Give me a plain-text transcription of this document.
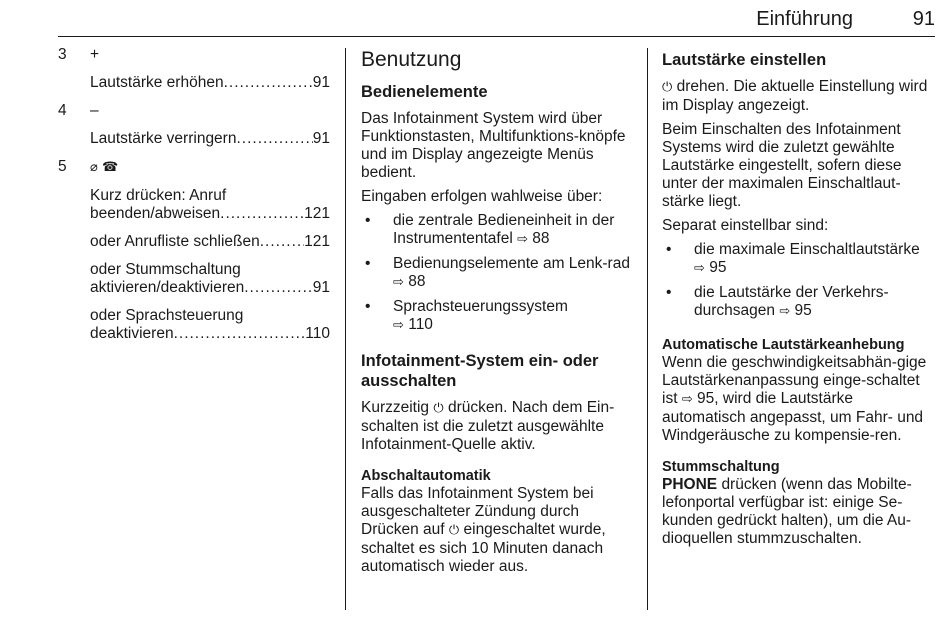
Einführung	91
3 +
Lautstärke erhöhen .....	91
4 –
Lautstärke verringern .....	91
5 ⌀ ☎
Kurz drücken: Anruf
beenden/abweisen .....	121
oder Anrufliste schließen .....	121
oder Stummschaltung
aktivieren/deaktivieren .....	91
oder Sprachsteuerung
deaktivieren .....	110
Benutzung
Bedienelemente

Das Infotainment System wird über Funktionstasten, Multifunktions-knöpfe und im Display angezeigte Menüs bedient.

Eingaben erfolgen wahlweise über:

• die zentrale Bedieneinheit in der Instrumententafel ⇨ 88
• Bedienungselemente am Lenk-rad ⇨ 88
• Sprachsteuerungssystem
⇨ 110
Infotainment-System ein- oder ausschalten

Kurzzeitig ⏻ drücken. Nach dem Ein-schalten ist die zuletzt ausgewählte Infotainment-Quelle aktiv.

Abschaltautomatik

Falls das Infotainment System bei ausgeschalteter Zündung durch Drücken auf ⏻ eingeschaltet wurde, schaltet es sich 10 Minuten danach automatisch wieder aus.

Lautstärke einstellen

⏻ drehen. Die aktuelle Einstellung wird im Display angezeigt.

Beim Einschalten des Infotainment Systems wird die zuletzt gewählte Lautstärke eingestellt, sofern diese unter der maximalen Einschaltlaut-stärke liegt.

Separat einstellbar sind:

• die maximale Einschaltlautstärke
⇨ 95
• die Lautstärke der Verkehrs-durchsagen ⇨ 95
Automatische Lautstärkeanhebung

Wenn die geschwindigkeitsabhän-gige Lautstärkenanpassung einge-schaltet ist ⇨ 95, wird die Lautstärke automatisch angepasst, um Fahr- und Windgeräusche zu kompensie-ren.

Stummschaltung

PHONE drücken (wenn das Mobilte-lefonportal verfügbar ist: einige Se-kunden gedrückt halten), um die Au-dioquellen stummzuschalten.
